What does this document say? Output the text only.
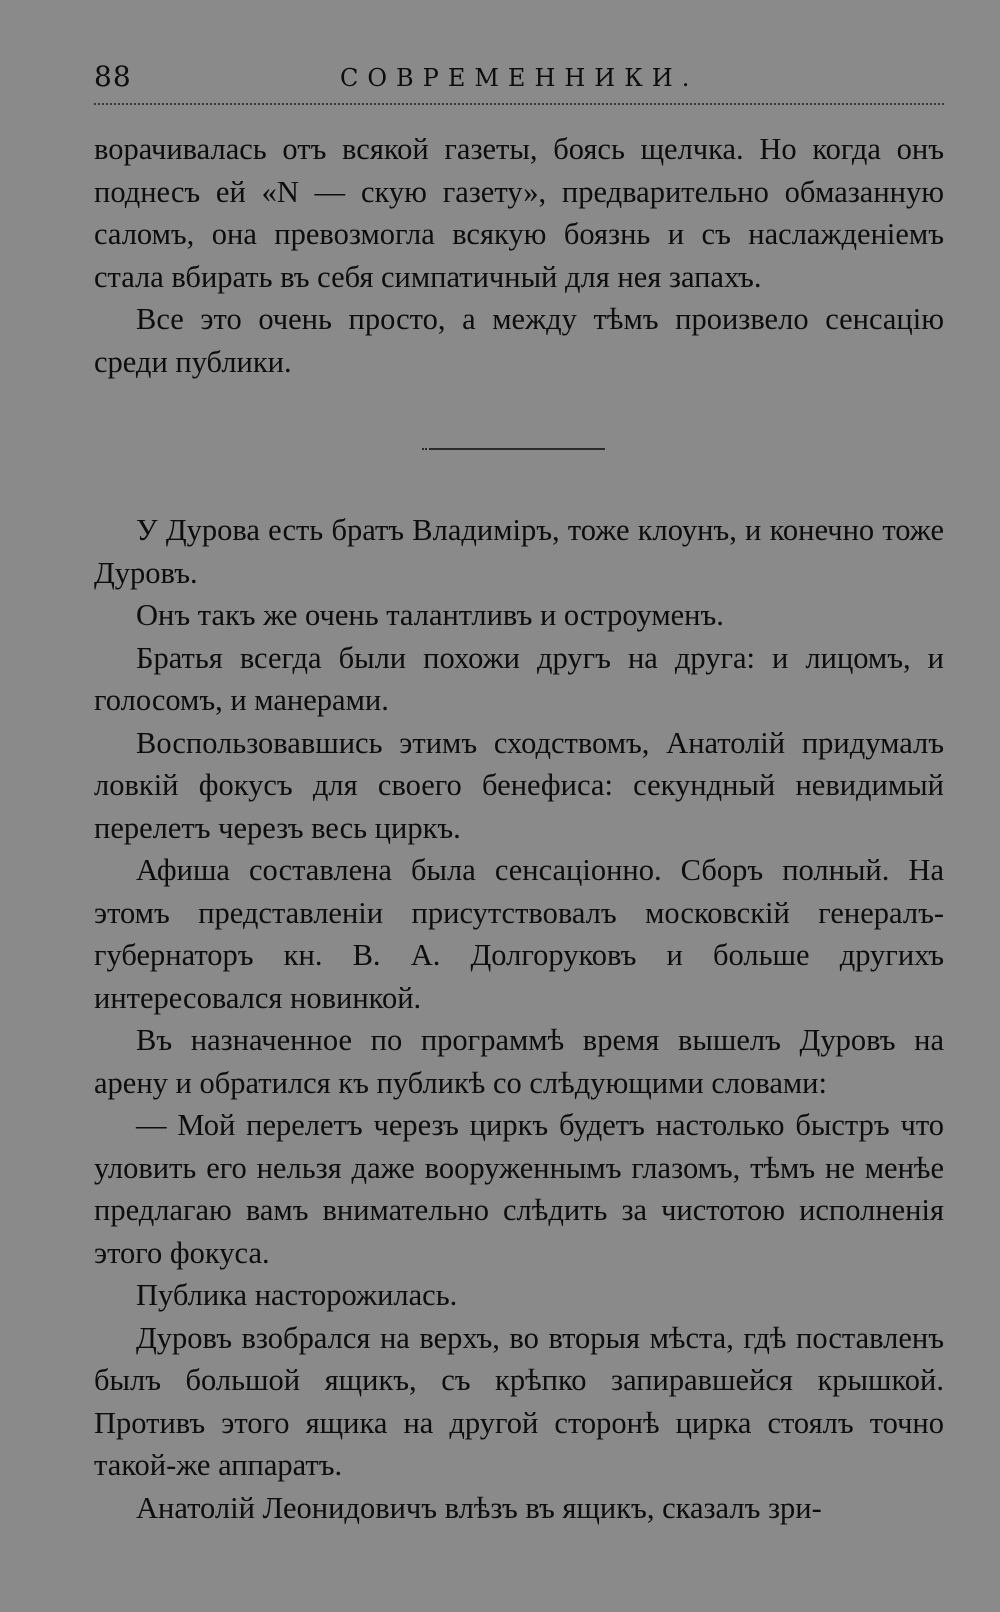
88	СОВРЕМЕННИКИ.

ворачивалась отъ всякой газеты, боясь щелчка. Но когда онъ поднесъ ей «N — скую газету», предварительно обмазанную саломъ, она превозмогла всякую боязнь и съ наслажденіемъ стала вбирать въ себя симпатичный для нея запахъ.

Все это очень просто, а между тѣмъ произвело сенсацію среди публики.

У Дурова есть братъ Владиміръ, тоже клоунъ, и конечно тоже Дуровъ.

Онъ такъ же очень талантливъ и остроуменъ.

Братья всегда были похожи другъ на друга: и лицомъ, и голосомъ, и манерами.

Воспользовавшись этимъ сходствомъ, Анатолій придумалъ ловкій фокусъ для своего бенефиса: секундный невидимый перелетъ черезъ весь циркъ.

Афиша составлена была сенсаціонно. Сборъ полный. На этомъ представленіи присутствовалъ московскій генералъ-губернаторъ кн. В. А. Долгоруковъ и больше другихъ интересовался новинкой.

Въ назначенное по программѣ время вышелъ Дуровъ на арену и обратился къ публикѣ со слѣдующими словами:

— Мой перелетъ черезъ циркъ будетъ настолько быстръ что уловить его нельзя даже вооруженнымъ глазомъ, тѣмъ не менѣе предлагаю вамъ внимательно слѣдить за чистотою исполненія этого фокуса.

Публика насторожилась.

Дуровъ взобрался на верхъ, во вторыя мѣста, гдѣ поставленъ былъ большой ящикъ, съ крѣпко запиравшейся крышкой. Противъ этого ящика на другой сторонѣ цирка стоялъ точно такой-же аппаратъ.

Анатолій Леонидовичъ влѣзъ въ ящикъ, сказалъ зри-
